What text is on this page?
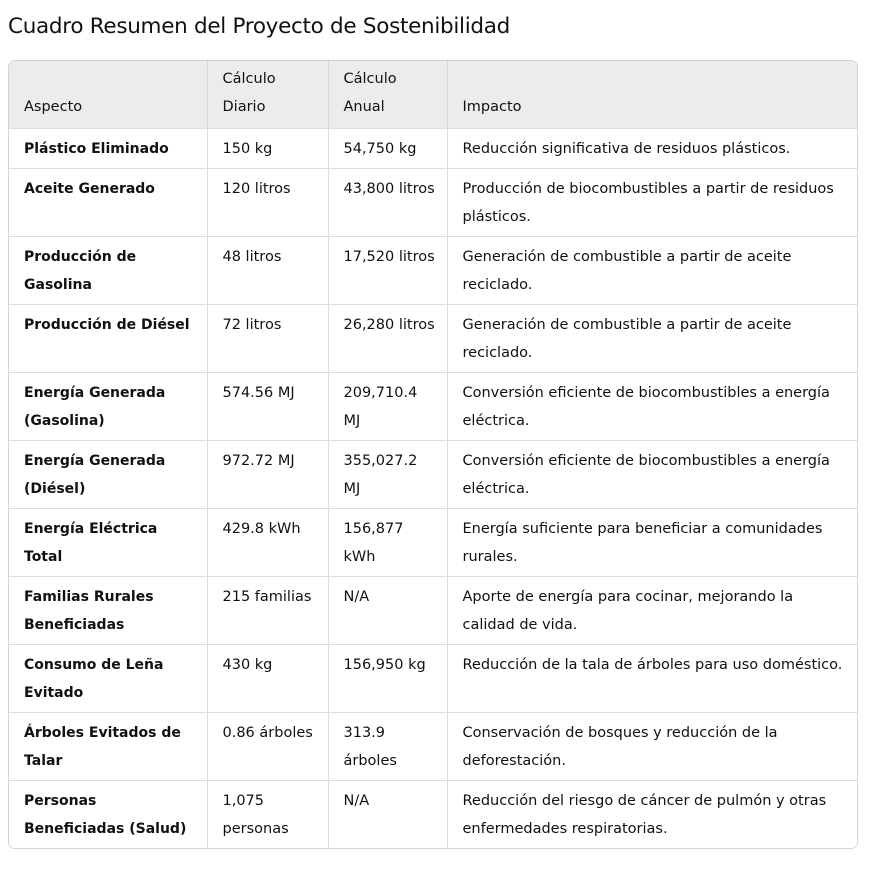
Cuadro Resumen del Proyecto de Sostenibilidad
Aspecto	Cálculo Diario	Cálculo Anual	Impacto
Plástico Eliminado	150 kg	54,750 kg	Reducción significativa de residuos plásticos.
Aceite Generado	120 litros	43,800 litros	Producción de biocombustibles a partir de residuos plásticos.
Producción de Gasolina	48 litros	17,520 litros	Generación de combustible a partir de aceite reciclado.
Producción de Diésel	72 litros	26,280 litros	Generación de combustible a partir de aceite reciclado.
Energía Generada (Gasolina)	574.56 MJ	209,710.4 MJ	Conversión eficiente de biocombustibles a energía eléctrica.
Energía Generada (Diésel)	972.72 MJ	355,027.2 MJ	Conversión eficiente de biocombustibles a energía eléctrica.
Energía Eléctrica Total	429.8 kWh	156,877 kWh	Energía suficiente para beneficiar a comunidades rurales.
Familias Rurales Beneficiadas	215 familias	N/A	Aporte de energía para cocinar, mejorando la calidad de vida.
Consumo de Leña Evitado	430 kg	156,950 kg	Reducción de la tala de árboles para uso doméstico.
Árboles Evitados de Talar	0.86 árboles	313.9 árboles	Conservación de bosques y reducción de la deforestación.
Personas Beneficiadas (Salud)	1,075 personas	N/A	Reducción del riesgo de cáncer de pulmón y otras enfermedades respiratorias.
